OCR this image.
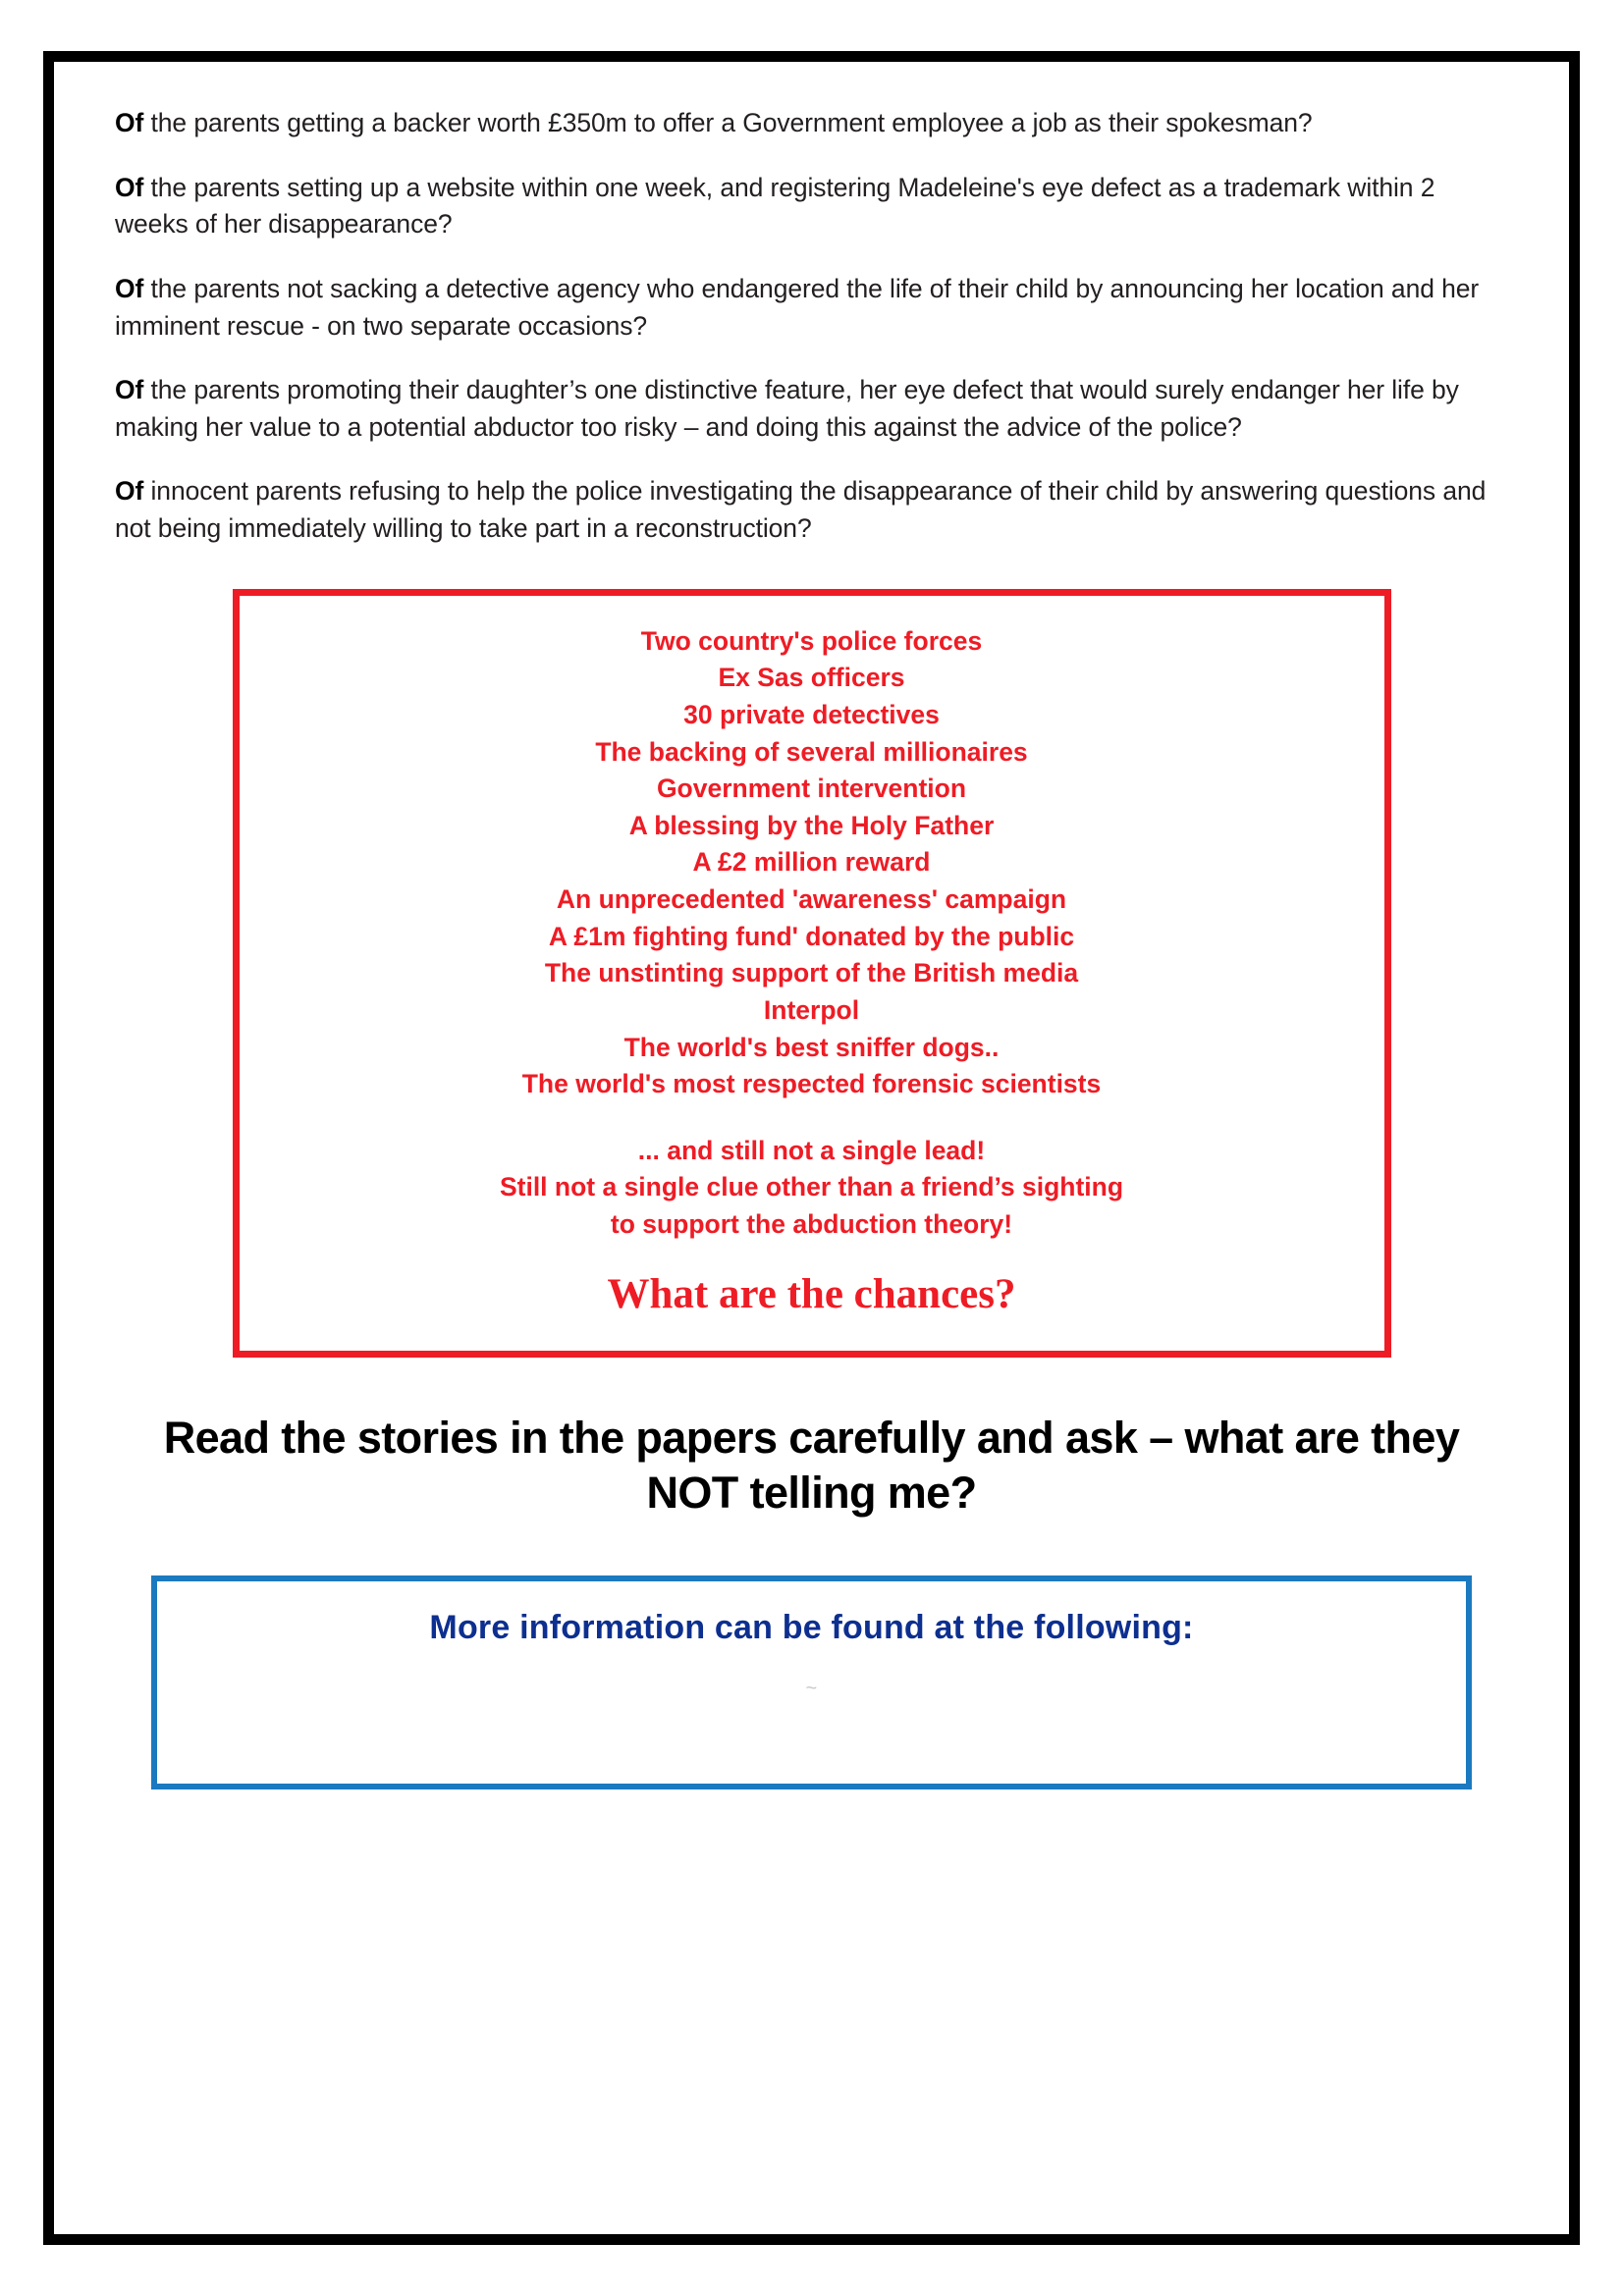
Of the parents getting a backer worth £350m to offer a Government employee a job as their spokesman?

Of the parents setting up a website within one week, and registering Madeleine's eye defect as a trademark within 2 weeks of her disappearance?

Of the parents not sacking a detective agency who endangered the life of their child by announcing her location and her imminent rescue - on two separate occasions?

Of the parents promoting their daughter’s one distinctive feature, her eye defect that would surely endanger her life by making her value to a potential abductor too risky – and doing this against the advice of the police?

Of innocent parents refusing to help the police investigating the disappearance of their child by answering questions and not being immediately willing to take part in a reconstruction?

Two country's police forces

Ex Sas officers

30 private detectives

The backing of several millionaires

Government intervention

A blessing by the Holy Father

A £2 million reward

An unprecedented 'awareness' campaign

A £1m fighting fund' donated by the public

The unstinting support of the British media

Interpol

The world's best sniffer dogs..

The world's most respected forensic scientists

... and still not a single lead!

Still not a single clue other than a friend’s sighting

to support the abduction theory!

What are the chances?

Read the stories in the papers carefully and ask – what are they NOT telling me?

More information can be found at the following:

~
